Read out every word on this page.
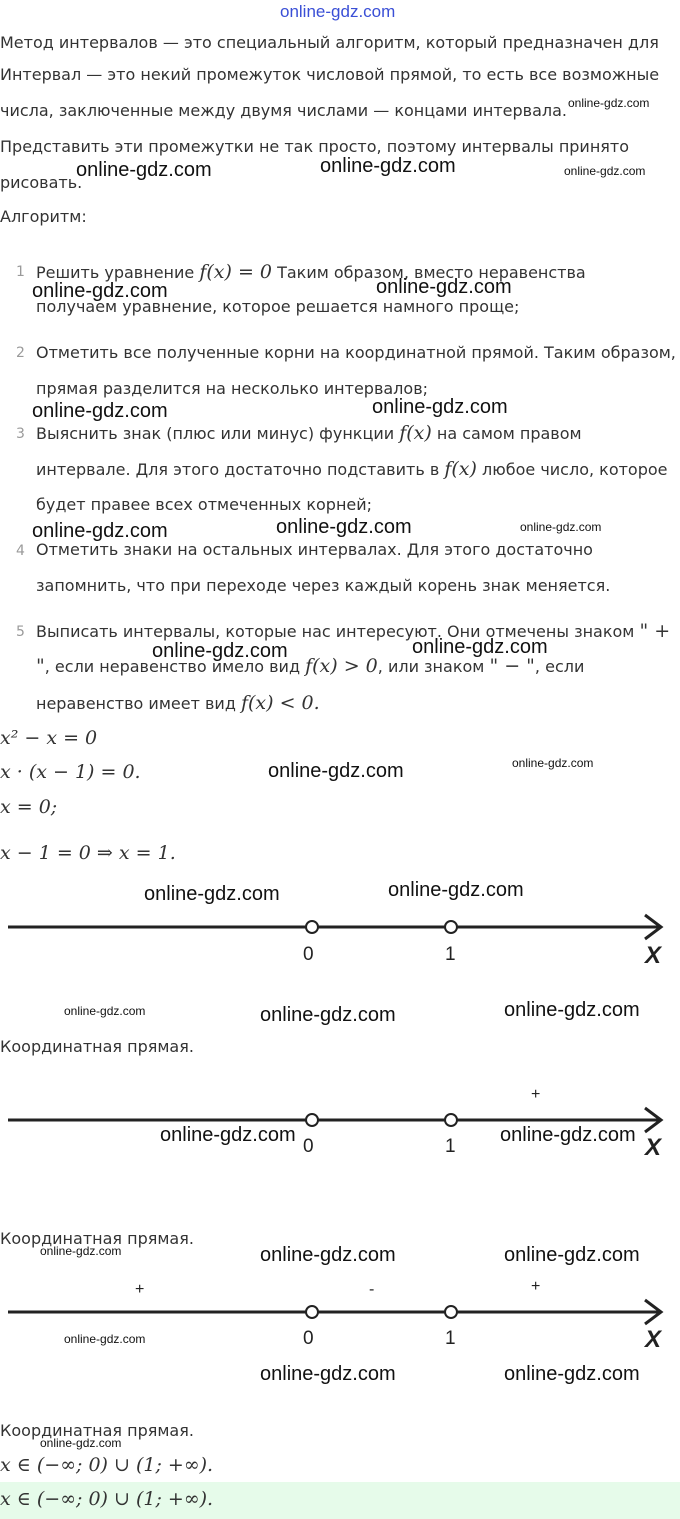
online-gdz.com
Метод интервалов — это специальный алгоритм, который предназначен для
Интервал — это некий промежуток числовой прямой, то есть все возможные
числа, заключенные между двумя числами — концами интервала.
Представить эти промежутки не так просто, поэтому интервалы принято
рисовать.
Алгоритм:
1 Решить уравнение f(x) = 0 Таким образом, вместо неравенства
получаем уравнение, которое решается намного проще;
2 Отметить все полученные корни на координатной прямой. Таким образом,
прямая разделится на несколько интервалов;
3 Выяснить знак (плюс или минус) функции f(x) на самом правом
интервале. Для этого достаточно подставить в f(x) любое число, которое
будет правее всех отмеченных корней;
4 Отметить знаки на остальных интервалах. Для этого достаточно
запомнить, что при переходе через каждый корень знак меняется.
5 Выписать интервалы, которые нас интересуют. Они отмечены знаком " +
", если неравенство имело вид f(x) > 0, или знаком " − ", если
неравенство имеет вид f(x) < 0.
x² − x = 0
x · (x − 1) = 0.
x = 0;
x − 1 = 0 ⇒ x = 1.
0	1	X
Координатная прямая.
+
0	1	X
Координатная прямая.
+	-	+
0	1	X
Координатная прямая.
x ∈ (−∞; 0) ∪ (1; +∞).
x ∈ (−∞; 0) ∪ (1; +∞).
online-gdz.com
online-gdz.com	online-gdz.com	online-gdz.com
online-gdz.com	online-gdz.com
online-gdz.com	online-gdz.com
online-gdz.com	online-gdz.com	online-gdz.com
online-gdz.com	online-gdz.com
online-gdz.com	online-gdz.com
online-gdz.com	online-gdz.com
online-gdz.com	online-gdz.com	online-gdz.com
online-gdz.com	online-gdz.com
online-gdz.com	online-gdz.com	online-gdz.com
online-gdz.com
online-gdz.com	online-gdz.com
online-gdz.com
